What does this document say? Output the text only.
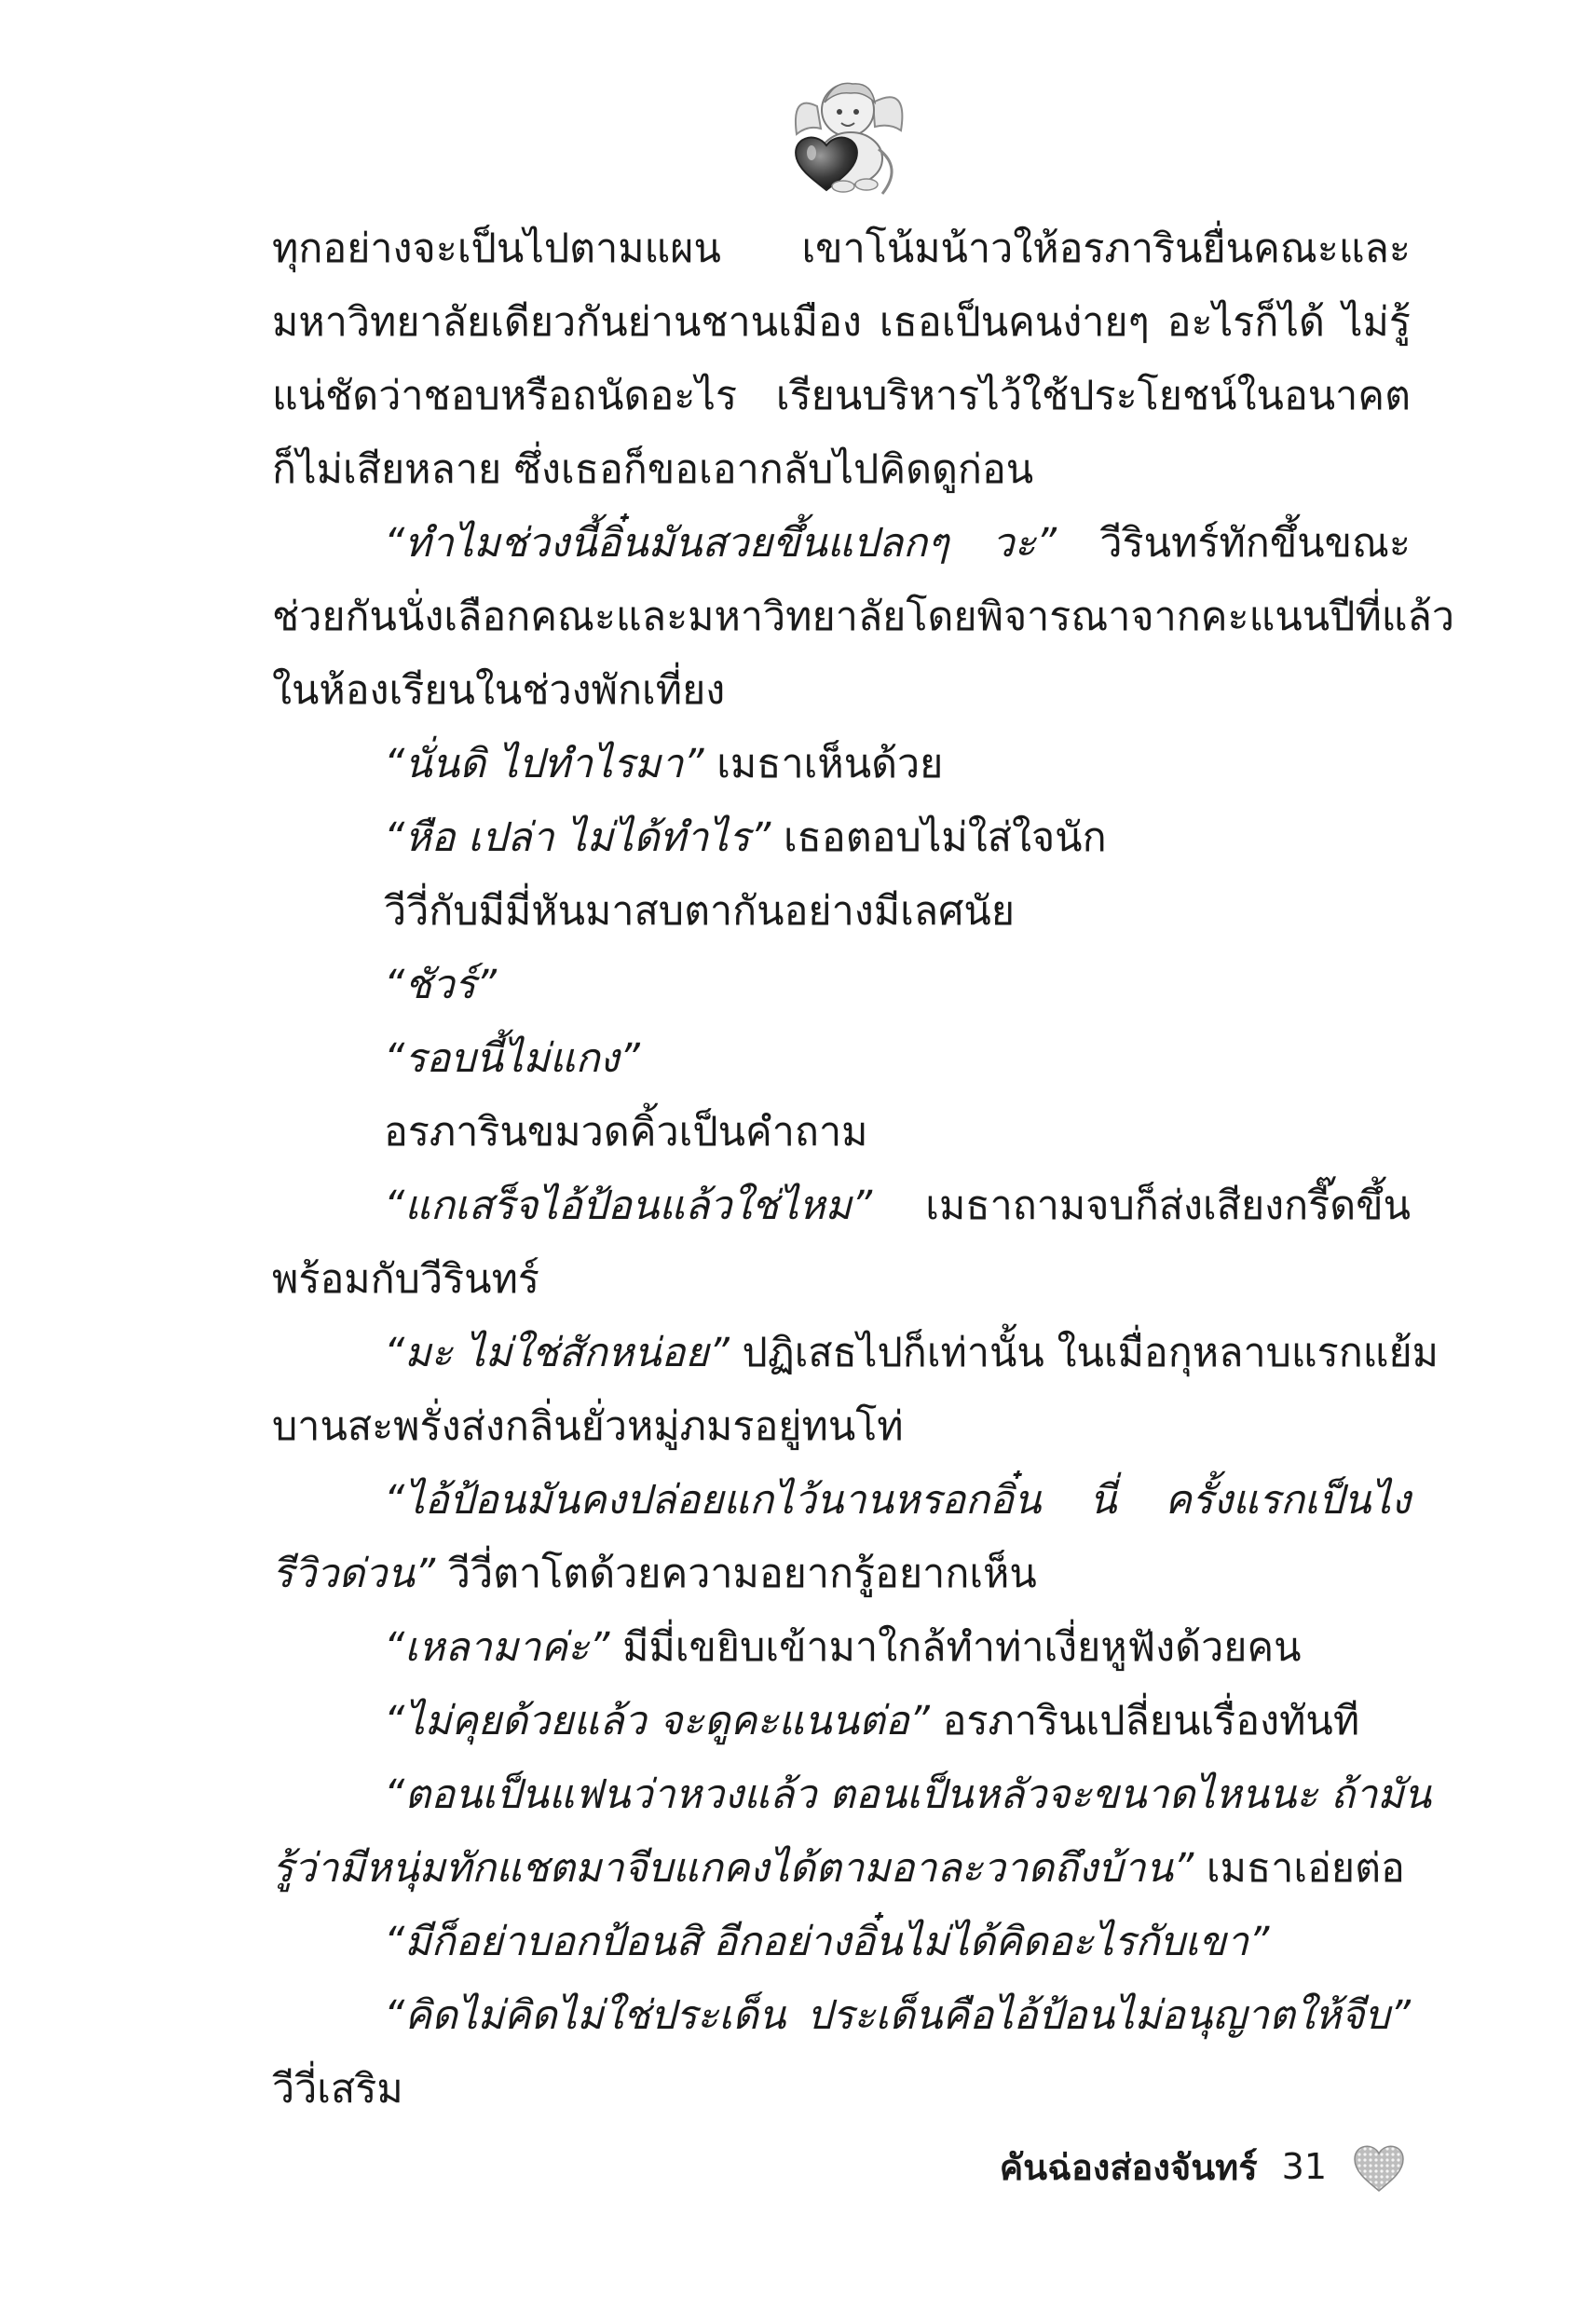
ทุกอย่างจะเป็นไปตามแผน เขาโน้มน้าวให้อรภารินยื่นคณะและ

มหาวิทยาลัยเดียวกันย่านชานเมือง เธอเป็นคนง่ายๆ อะไรก็ได้ ไม่รู้

แน่ชัดว่าชอบหรือถนัดอะไร เรียนบริหารไว้ใช้ประโยชน์ในอนาคต

ก็ไม่เสียหลาย ซึ่งเธอก็ขอเอากลับไปคิดดูก่อน

“ทำไมช่วงนี้อิ๋นมันสวยขึ้นแปลกๆ วะ” วีรินทร์ทักขึ้นขณะ

ช่วยกันนั่งเลือกคณะและมหาวิทยาลัยโดยพิจารณาจากคะแนนปีที่แล้ว

ในห้องเรียนในช่วงพักเที่ยง

“นั่นดิ ไปทำไรมา” เมธาเห็นด้วย

“หือ เปล่า ไม่ได้ทำไร” เธอตอบไม่ใส่ใจนัก

วีวี่กับมีมี่หันมาสบตากันอย่างมีเลศนัย

“ชัวร์”

“รอบนี้ไม่แกง”

อรภารินขมวดคิ้วเป็นคำถาม

“แกเสร็จไอ้ป้อนแล้วใช่ไหม” เมธาถามจบก็ส่งเสียงกรี๊ดขึ้น

พร้อมกับวีรินทร์

“มะ ไม่ใช่สักหน่อย” ปฏิเสธไปก็เท่านั้น ในเมื่อกุหลาบแรกแย้ม

บานสะพรั่งส่งกลิ่นยั่วหมู่ภมรอยู่ทนโท่

“ไอ้ป้อนมันคงปล่อยแกไว้นานหรอกอิ๋น นี่ ครั้งแรกเป็นไง

รีวิวด่วน” วีวี่ตาโตด้วยความอยากรู้อยากเห็น

“เหลามาค่ะ” มีมี่เขยิบเข้ามาใกล้ทำท่าเงี่ยหูฟังด้วยคน

“ไม่คุยด้วยแล้ว จะดูคะแนนต่อ” อรภารินเปลี่ยนเรื่องทันที

“ตอนเป็นแฟนว่าหวงแล้ว ตอนเป็นหลัวจะขนาดไหนนะ ถ้ามัน

รู้ว่ามีหนุ่มทักแชตมาจีบแกคงได้ตามอาละวาดถึงบ้าน” เมธาเอ่ยต่อ

“มีก็อย่าบอกป้อนสิ อีกอย่างอิ๋นไม่ได้คิดอะไรกับเขา”

“คิดไม่คิดไม่ใช่ประเด็น ประเด็นคือไอ้ป้อนไม่อนุญาตให้จีบ”

วีวี่เสริม

คันฉ่องส่องจันทร์ 31
